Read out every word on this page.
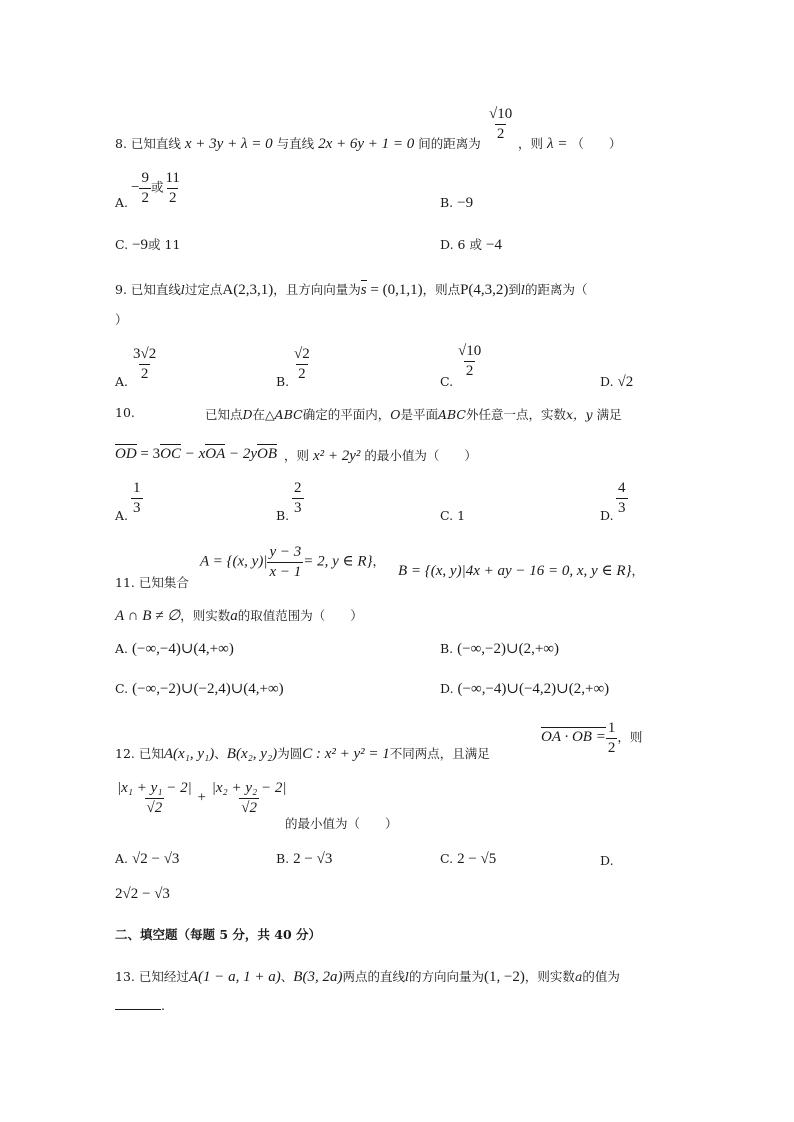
8. 已知直线 x + 3y + λ = 0 与直线 2x + 6y + 1 = 0 间的距离为
$\frac{√10}{2}$
，则 λ = （　　）
A.
− $\frac{9}{2}$ 或 $\frac{11}{2}$	B. −9
C. −9或 11	D. 6 或 −4
9. 已知直线l过定点A(2,3,1)，且方向向量为s = (0,1,1)，则点P(4,3,2)到l的距离为（
）
A. $\frac{3√2}{2}$	B. $\frac{√2}{2}$	C.
$\frac{√10}{2}$
D. √2
10.	已知点D在△ABC确定的平面内，O是平面ABC外任意一点，实数x，y 满足
OD = 3OC − xOA − 2yOB ，则 x² + 2y² 的最小值为（　　）
A. $\frac{1}{3}$	B. $\frac{2}{3}$	C. 1	D. $\frac{4}{3}$
11. 已知集合
A = {(x, $y)| \frac{y - 3}{x - 1} = 2$, y ∈ R}，
B = {(x, y)|4x + ay − 16 = 0, x, y ∈ R}，
A ∩ B ≠ ∅，则实数a的取值范围为（　　）
A. (−∞,−4)∪(4,+∞)	B. (−∞,−2)∪(2,+∞)
C. (−∞,−2)∪(−2,4)∪(4,+∞)	D. (−∞,−4)∪(−4,2)∪(2,+∞)
12. 已知A(x₁, y₁)、B(x₂, y₂)为圆C : x² + y² = 1不同两点，且满足
OA · OB = $\frac{1}{2}$ ，则
$\frac{\text{|x₁ + y₁ − 2|}}{√2} + \frac{\text{|x₂ + y₂ − 2|}}{√2}$
的最小值为（　　）
A. √2 − √3	B. 2 − √3	C. 2 − √5	D.
2√2 − √3
二、填空题（每题 5 分，共 40 分）
13. 已知经过A(1 − a, 1 + a)、B(3, 2a)两点的直线l的方向向量为(1, −2)，则实数a的值为
.
